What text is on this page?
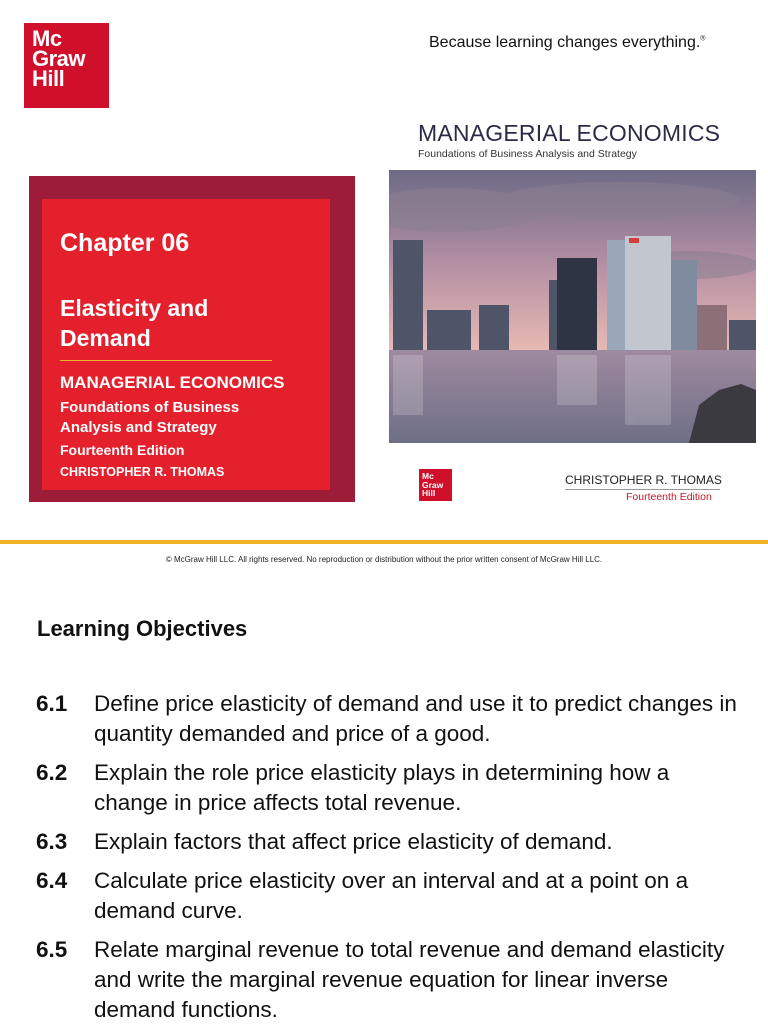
Mc
Graw
Hill
Because learning changes everything.®
MANAGERIAL ECONOMICS
Foundations of Business Analysis and Strategy
Mc
Graw
Hill
CHRISTOPHER R. THOMAS
Fourteenth Edition
Chapter 06
Elasticity and Demand
MANAGERIAL ECONOMICS
Foundations of Business Analysis and Strategy
Fourteenth Edition
CHRISTOPHER R. THOMAS
© McGraw Hill LLC. All rights reserved. No reproduction or distribution without the prior written consent of McGraw Hill LLC.
Learning Objectives
6.1	Define price elasticity of demand and use it to predict changes in quantity demanded and price of a good.
6.2	Explain the role price elasticity plays in determining how a change in price affects total revenue.
6.3	Explain factors that affect price elasticity of demand.
6.4	Calculate price elasticity over an interval and at a point on a demand curve.
6.5	Relate marginal revenue to total revenue and demand elasticity and write the marginal revenue equation for linear inverse demand functions.
